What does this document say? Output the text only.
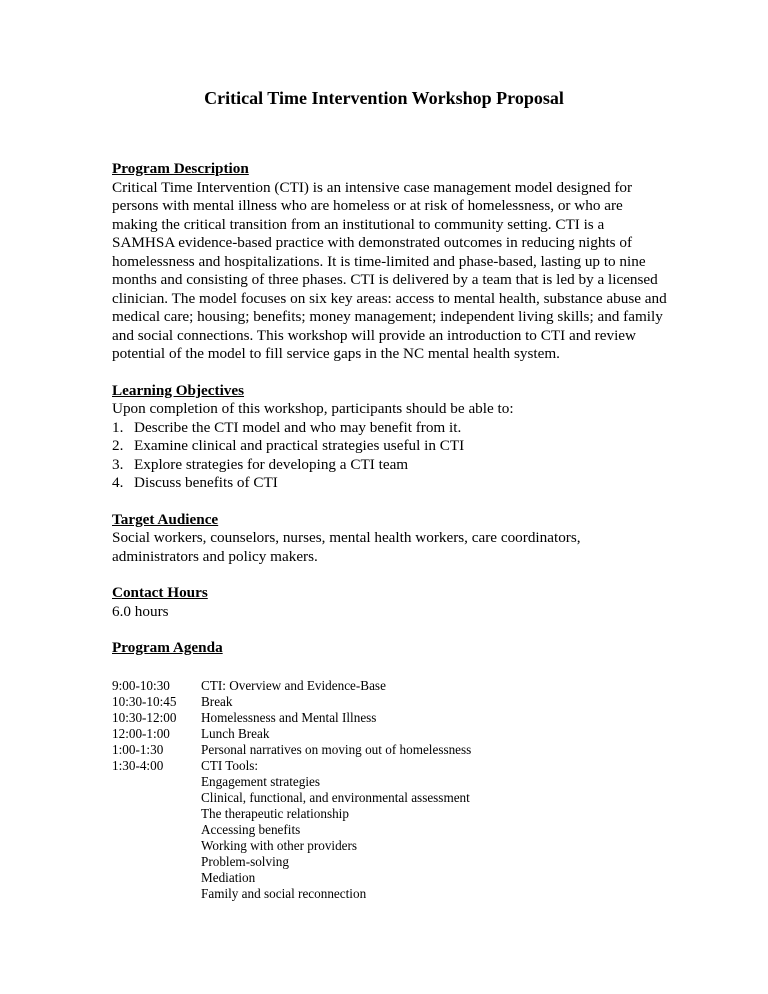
Critical Time Intervention Workshop Proposal

Program Description

Critical Time Intervention (CTI) is an intensive case management model designed for persons with mental illness who are homeless or at risk of homelessness, or who are making the critical transition from an institutional to community setting. CTI is a SAMHSA evidence-based practice with demonstrated outcomes in reducing nights of homelessness and hospitalizations. It is time-limited and phase-based, lasting up to nine months and consisting of three phases. CTI is delivered by a team that is led by a licensed clinician. The model focuses on six key areas: access to mental health, substance abuse and medical care; housing; benefits; money management; independent living skills; and family and social connections. This workshop will provide an introduction to CTI and review potential of the model to fill service gaps in the NC mental health system.

Learning Objectives

Upon completion of this workshop, participants should be able to:

1. Describe the CTI model and who may benefit from it.
2. Examine clinical and practical strategies useful in CTI
3. Explore strategies for developing a CTI team
4. Discuss benefits of CTI

Target Audience

Social workers, counselors, nurses, mental health workers, care coordinators, administrators and policy makers.

Contact Hours

6.0 hours

Program Agenda

9:00-10:30

10:30-10:45

10:30-12:00

12:00-1:00

1:00-1:30

1:30-4:00

CTI: Overview and Evidence-Base

Break

Homelessness and Mental Illness

Lunch Break

Personal narratives on moving out of homelessness

CTI Tools:

Engagement strategies

Clinical, functional, and environmental assessment

The therapeutic relationship

Accessing benefits

Working with other providers

Problem-solving

Mediation

Family and social reconnection
